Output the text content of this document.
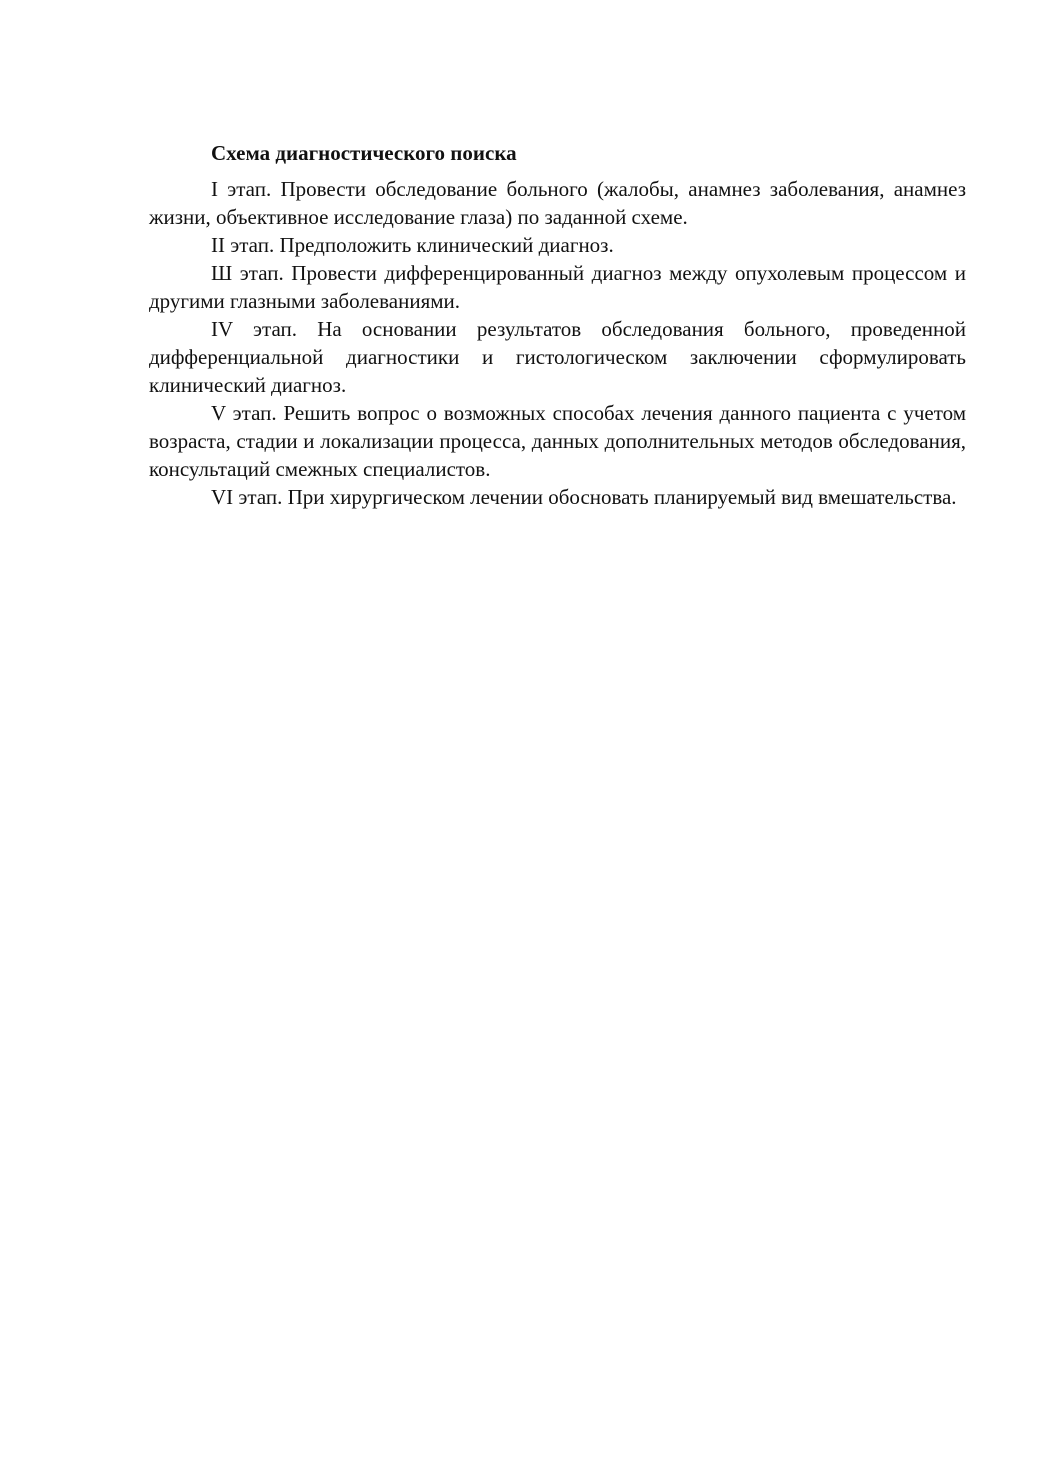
Схема диагностического поиска

I этап. Провести обследование больного (жалобы, анамнез заболевания, анамнез жизни, объективное исследование глаза) по заданной схеме.

II этап. Предположить клинический диагноз.

Ш этап. Провести дифференцированный диагноз между опухолевым процессом и другими глазными заболеваниями.

IV этап. На основании результатов обследования больного, проведенной дифференциальной диагностики и гистологическом заключении сформулировать клинический диагноз.

V этап. Решить вопрос о возможных способах лечения данного пациента с учетом возраста, стадии и локализации процесса, данных дополнительных методов обследования, консультаций смежных специалистов.

VI этап. При хирургическом лечении обосновать планируемый вид вмешательства.
